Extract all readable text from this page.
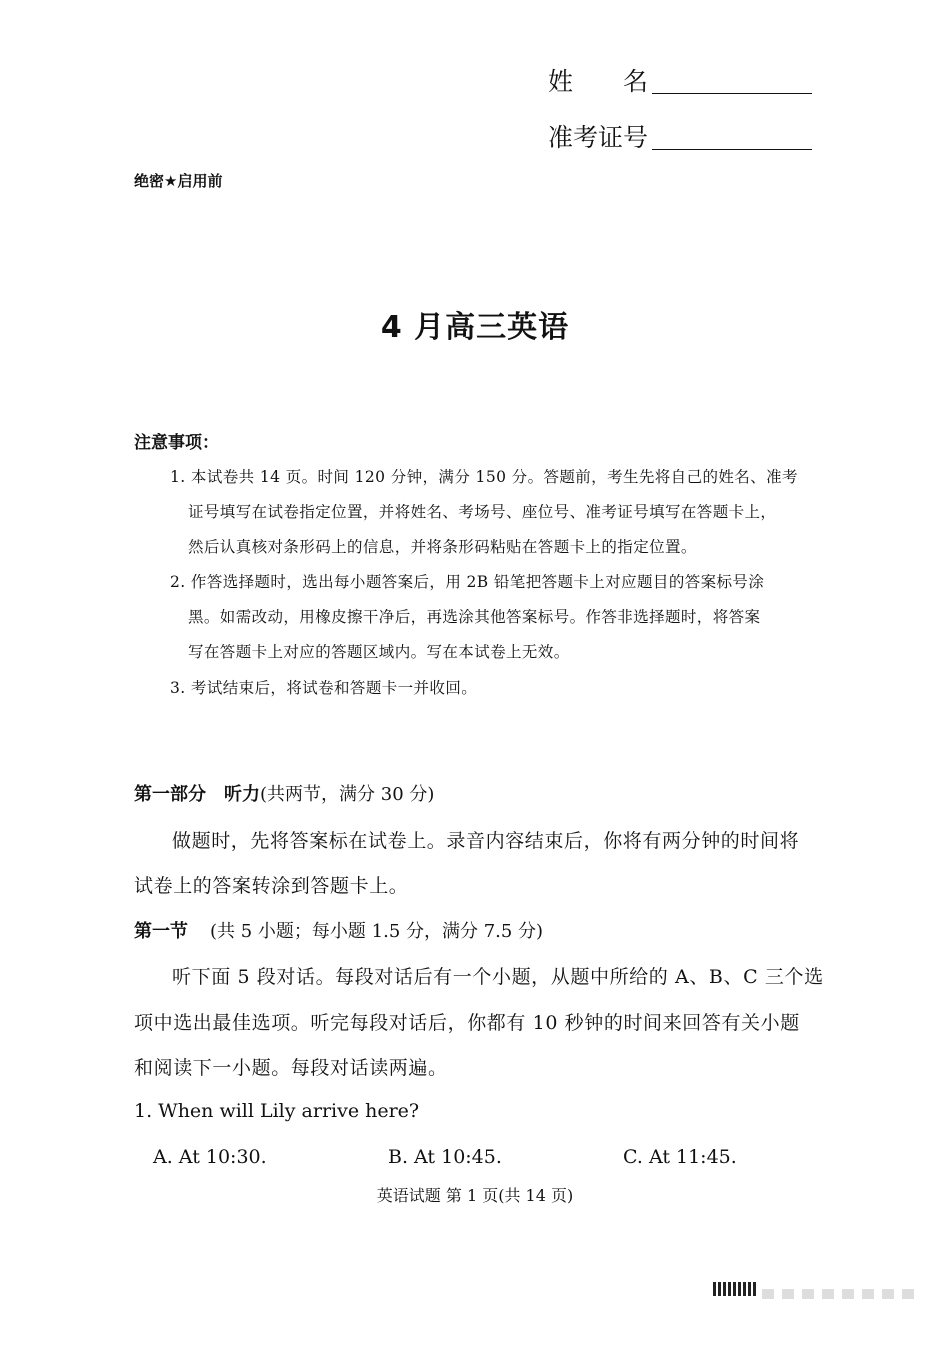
姓　　名
准考证号
绝密★启用前
4 月高三英语
注意事项：
1. 本试卷共 14 页。时间 120 分钟，满分 150 分。答题前，考生先将自己的姓名、准考
证号填写在试卷指定位置，并将姓名、考场号、座位号、准考证号填写在答题卡上，
然后认真核对条形码上的信息，并将条形码粘贴在答题卡上的指定位置。
2. 作答选择题时，选出每小题答案后，用 2B 铅笔把答题卡上对应题目的答案标号涂
黑。如需改动，用橡皮擦干净后，再选涂其他答案标号。作答非选择题时，将答案
写在答题卡上对应的答题区域内。写在本试卷上无效。
3. 考试结束后，将试卷和答题卡一并收回。
第一部分　听力(共两节，满分 30 分)
做题时，先将答案标在试卷上。录音内容结束后，你将有两分钟的时间将
试卷上的答案转涂到答题卡上。
第一节 (共 5 小题；每小题 1.5 分，满分 7.5 分)
听下面 5 段对话。每段对话后有一个小题，从题中所给的 A、B、C 三个选
项中选出最佳选项。听完每段对话后，你都有 10 秒钟的时间来回答有关小题
和阅读下一小题。每段对话读两遍。
1. When will Lily arrive here?
A. At 10:30.	B. At 10:45.	C. At 11:45.
英语试题 第 1 页(共 14 页)
